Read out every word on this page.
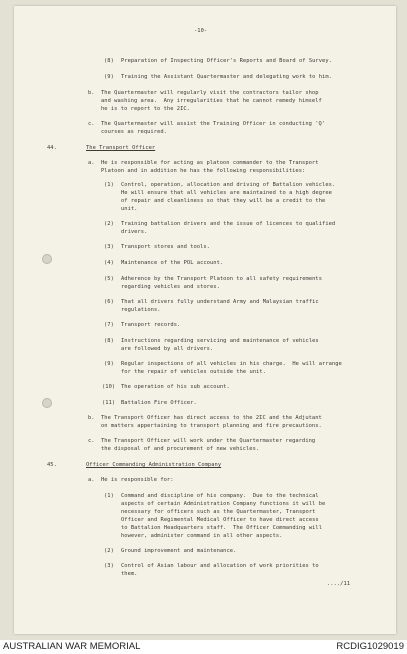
-10-
(8) Preparation of Inspecting Officer's Reports and Board of Survey.
(9) Training the Assistant Quartermaster and delegating work to him.
b. The Quartermaster will regularly visit the contractors tailor shop
and washing area.  Any irregularities that he cannot remedy himself
he is to report to the 2IC.
c. The Quartermaster will assist the Training Officer in conducting 'Q'
courses as required.
44.	The Transport Officer
a. He is responsible for acting as platoon commander to the Transport
Platoon and in addition he has the following responsibilities:
(1) Control, operation, allocation and driving of Battalion vehicles.
He will ensure that all vehicles are maintained to a high degree
of repair and cleanliness so that they will be a credit to the
unit.
(2) Training battalion drivers and the issue of licences to qualified
drivers.
(3) Transport stores and tools.
(4) Maintenance of the POL account.
(5) Adherence by the Transport Platoon to all safety requirements
regarding vehicles and stores.
(6) That all drivers fully understand Army and Malaysian traffic
regulations.
(7) Transport records.
(8) Instructions regarding servicing and maintenance of vehicles
are followed by all drivers.
(9) Regular inspections of all vehicles in his charge.  He will arrange
for the repair of vehicles outside the unit.
(10) The operation of his sub account.
(11) Battalion Fire Officer.
b. The Transport Officer has direct access to the 2IC and the Adjutant
on matters appertaining to transport planning and fire precautions.
c. The Transport Officer will work under the Quartermaster regarding
the disposal of and procurement of new vehicles.
45.	Officer Commanding Administration Company
a. He is responsible for:
(1) Command and discipline of his company.  Due to the technical
aspects of certain Administration Company functions it will be
necessary for officers such as the Quartermaster, Transport
Officer and Regimental Medical Officer to have direct access
to Battalion Headquarters staff.  The Officer Commanding will
however, administer command in all other aspects.
(2) Ground improvement and maintenance.
(3) Control of Asian labour and allocation of work priorities to
them.
..../11
AUSTRALIAN WAR MEMORIAL	RCDIG1029019
